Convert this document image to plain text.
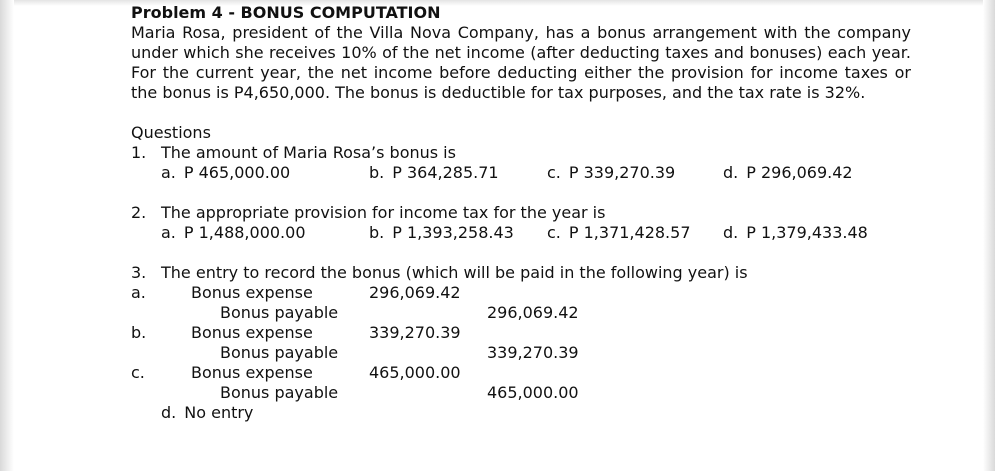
Problem 4 - BONUS COMPUTATION

Maria Rosa, president of the Villa Nova Company, has a bonus arrangement with the company under which she receives 10% of the net income (after deducting taxes and bonuses) each year. For the current year, the net income before deducting either the provision for income taxes or the bonus is P4,650,000. The bonus is deductible for tax purposes, and the tax rate is 32%.

Questions
1. The amount of Maria Rosa’s bonus is
a. P 465,000.00	b. P 364,285.71	c. P 339,270.39	d. P 296,069.42
2. The appropriate provision for income tax for the year is
a. P 1,488,000.00	b. P 1,393,258.43	c. P 1,371,428.57	d. P 1,379,433.48
3. The entry to record the bonus (which will be paid in the following year) is
a.	Bonus expense	296,069.42
Bonus payable	296,069.42
b.	Bonus expense	339,270.39
Bonus payable	339,270.39
c.	Bonus expense	465,000.00
Bonus payable	465,000.00
d. No entry
